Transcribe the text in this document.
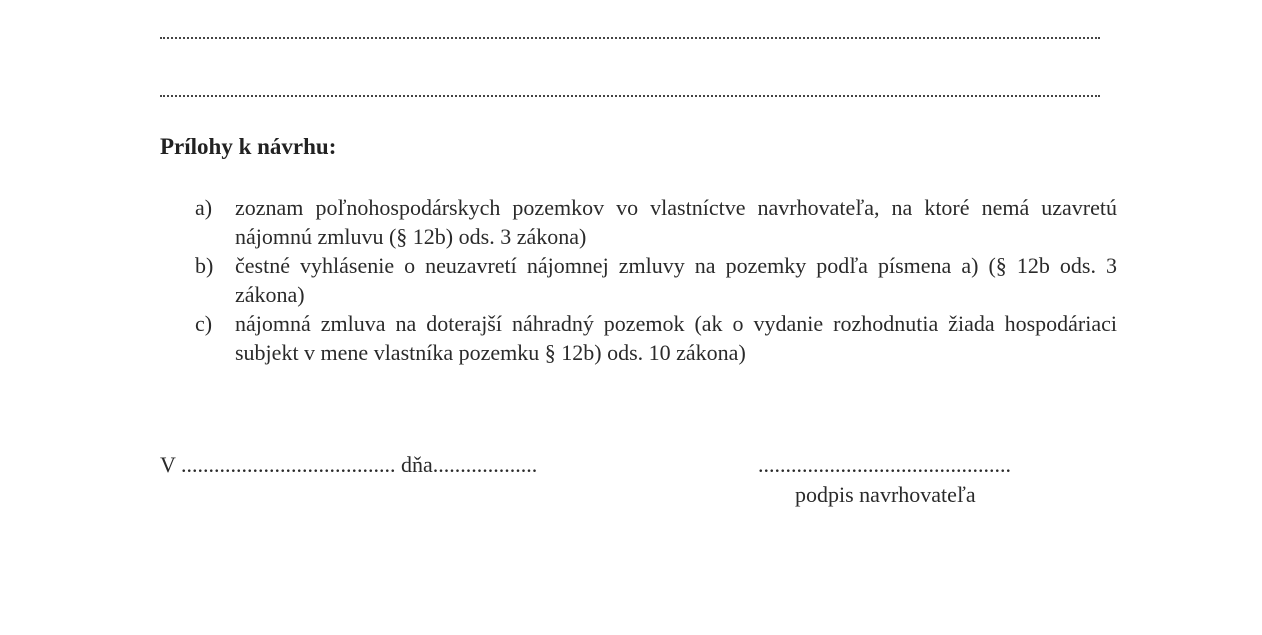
Prílohy k návrhu:
a)	zoznam poľnohospodárskych pozemkov vo vlastníctve navrhovateľa, na ktoré nemá uzavretú nájomnú zmluvu (§ 12b) ods. 3 zákona)
b) čestné vyhlásenie o neuzavretí nájomnej zmluvy na pozemky podľa písmena a) (§ 12b ods. 3 zákona)
c)	nájomná zmluva na doterajší náhradný pozemok (ak o vydanie rozhodnutia žiada hospodáriaci subjekt v mene vlastníka pozemku § 12b) ods. 10 zákona)
V ....................................... dňa...................	..............................................
podpis navrhovateľa
